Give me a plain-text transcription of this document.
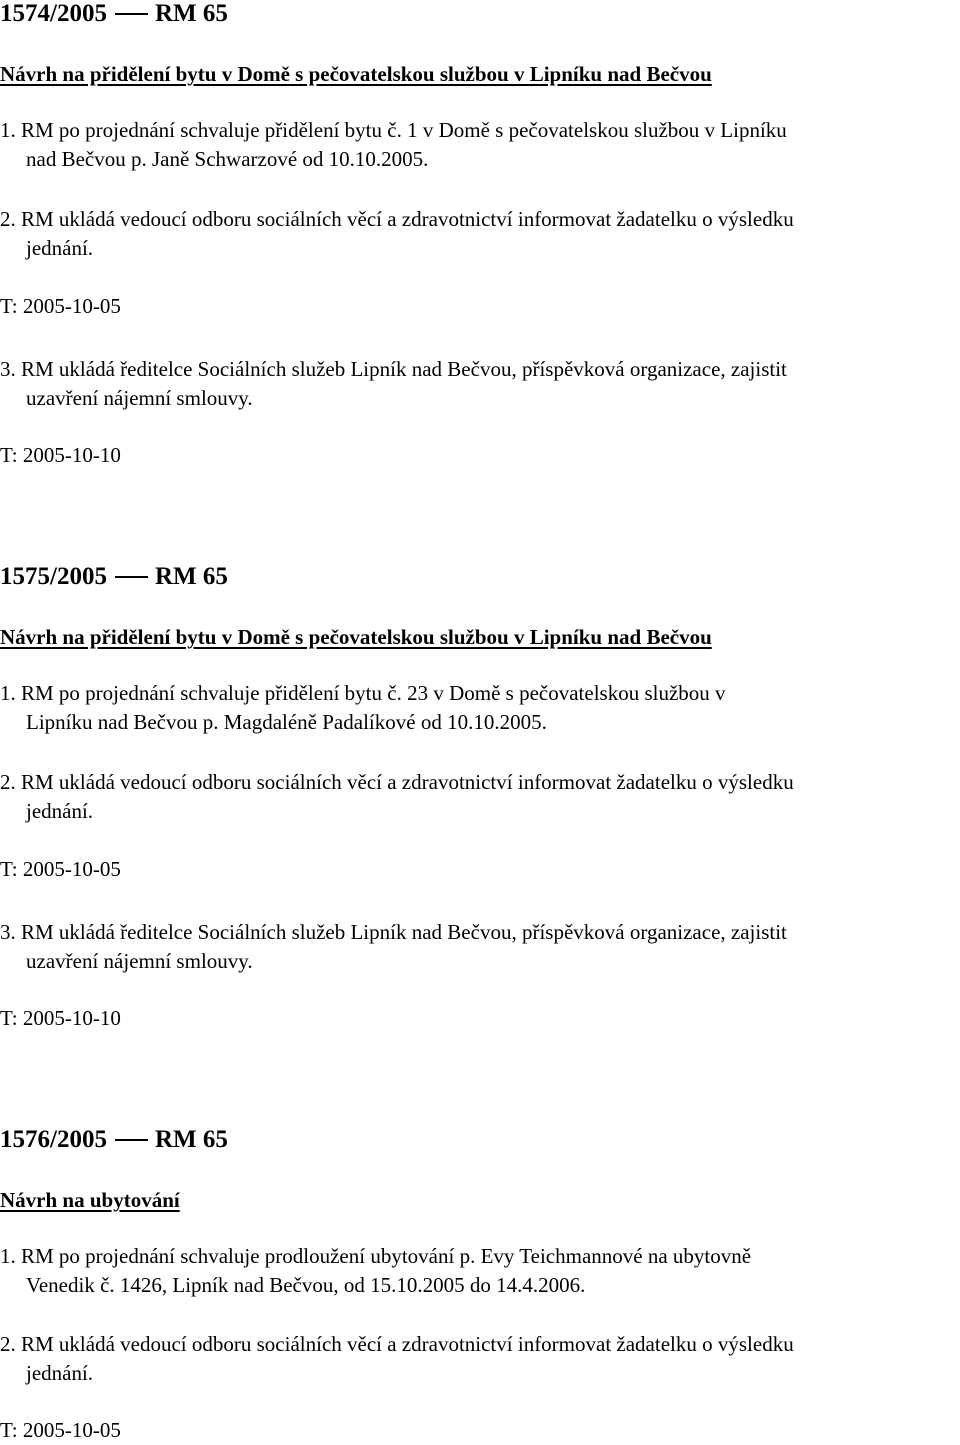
1574/2005 RM 65
Návrh na přidělení bytu v Domě s pečovatelskou službou v Lipníku nad Bečvou
1. RM po projednání schvaluje přidělení bytu č. 1 v Domě s pečovatelskou službou v Lipníku
nad Bečvou p. Janě Schwarzové od 10.10.2005.
2. RM ukládá vedoucí odboru sociálních věcí a zdravotnictví informovat žadatelku o výsledku
jednání.
T: 2005-10-05
3. RM ukládá ředitelce Sociálních služeb Lipník nad Bečvou, příspěvková organizace, zajistit
uzavření nájemní smlouvy.
T: 2005-10-10
1575/2005 RM 65
Návrh na přidělení bytu v Domě s pečovatelskou službou v Lipníku nad Bečvou
1. RM po projednání schvaluje přidělení bytu č. 23 v Domě s pečovatelskou službou v
Lipníku nad Bečvou p. Magdaléně Padalíkové od 10.10.2005.
2. RM ukládá vedoucí odboru sociálních věcí a zdravotnictví informovat žadatelku o výsledku
jednání.
T: 2005-10-05
3. RM ukládá ředitelce Sociálních služeb Lipník nad Bečvou, příspěvková organizace, zajistit
uzavření nájemní smlouvy.
T: 2005-10-10
1576/2005 RM 65
Návrh na ubytování
1. RM po projednání schvaluje prodloužení ubytování p. Evy Teichmannové na ubytovně
Venedik č. 1426, Lipník nad Bečvou, od 15.10.2005 do 14.4.2006.
2. RM ukládá vedoucí odboru sociálních věcí a zdravotnictví informovat žadatelku o výsledku
jednání.
T: 2005-10-05
